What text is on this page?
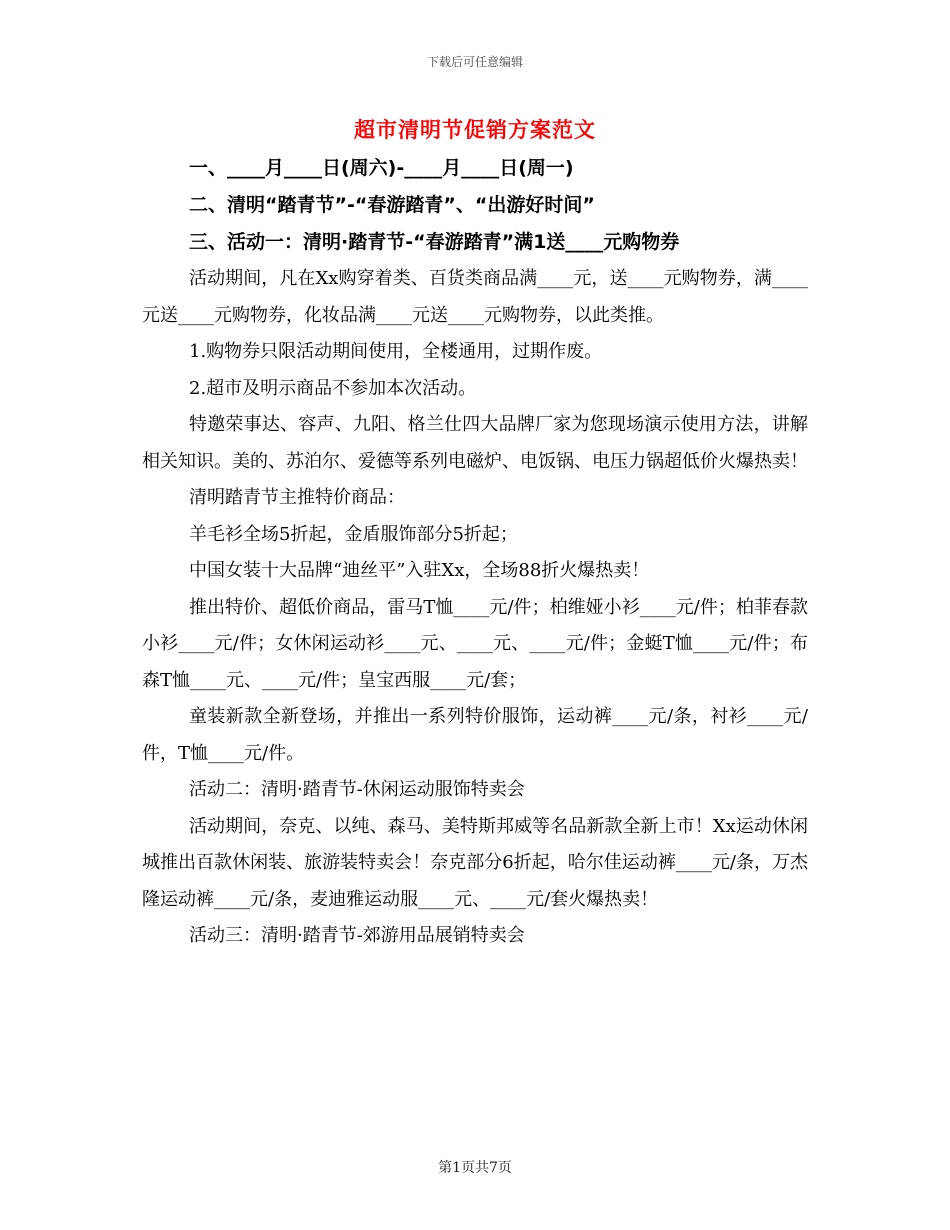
下载后可任意编辑
超市清明节促销方案范文

一、____月____日(周六)-____月____日(周一)

二、清明“踏青节”-“春游踏青”、“出游好时间”

三、活动一：清明·踏青节-“春游踏青”满1送____元购物券

活动期间，凡在Xx购穿着类、百货类商品满____元，送____元购物券，满____元送____元购物券，化妆品满____元送____元购物券，以此类推。

1.购物券只限活动期间使用，全楼通用，过期作废。

2.超市及明示商品不参加本次活动。

特邀荣事达、容声、九阳、格兰仕四大品牌厂家为您现场演示使用方法，讲解相关知识。美的、苏泊尔、爱德等系列电磁炉、电饭锅、电压力锅超低价火爆热卖！

清明踏青节主推特价商品：

羊毛衫全场5折起，金盾服饰部分5折起；

中国女装十大品牌“迪丝平”入驻Xx，全场88折火爆热卖！

推出特价、超低价商品，雷马T恤____元/件；柏维娅小衫____元/件；柏菲春款小衫____元/件；女休闲运动衫____元、____元、____元/件；金蜓T恤____元/件；布森T恤____元、____元/件；皇宝西服____元/套；

童装新款全新登场，并推出一系列特价服饰，运动裤____元/条，衬衫____元/件，T恤____元/件。

活动二：清明·踏青节-休闲运动服饰特卖会

活动期间，奈克、以纯、森马、美特斯邦威等名品新款全新上市！Xx运动休闲城推出百款休闲装、旅游装特卖会！奈克部分6折起，哈尔佳运动裤____元/条，万杰隆运动裤____元/条，麦迪雅运动服____元、____元/套火爆热卖！

活动三：清明·踏青节-郊游用品展销特卖会

第1页共7页
